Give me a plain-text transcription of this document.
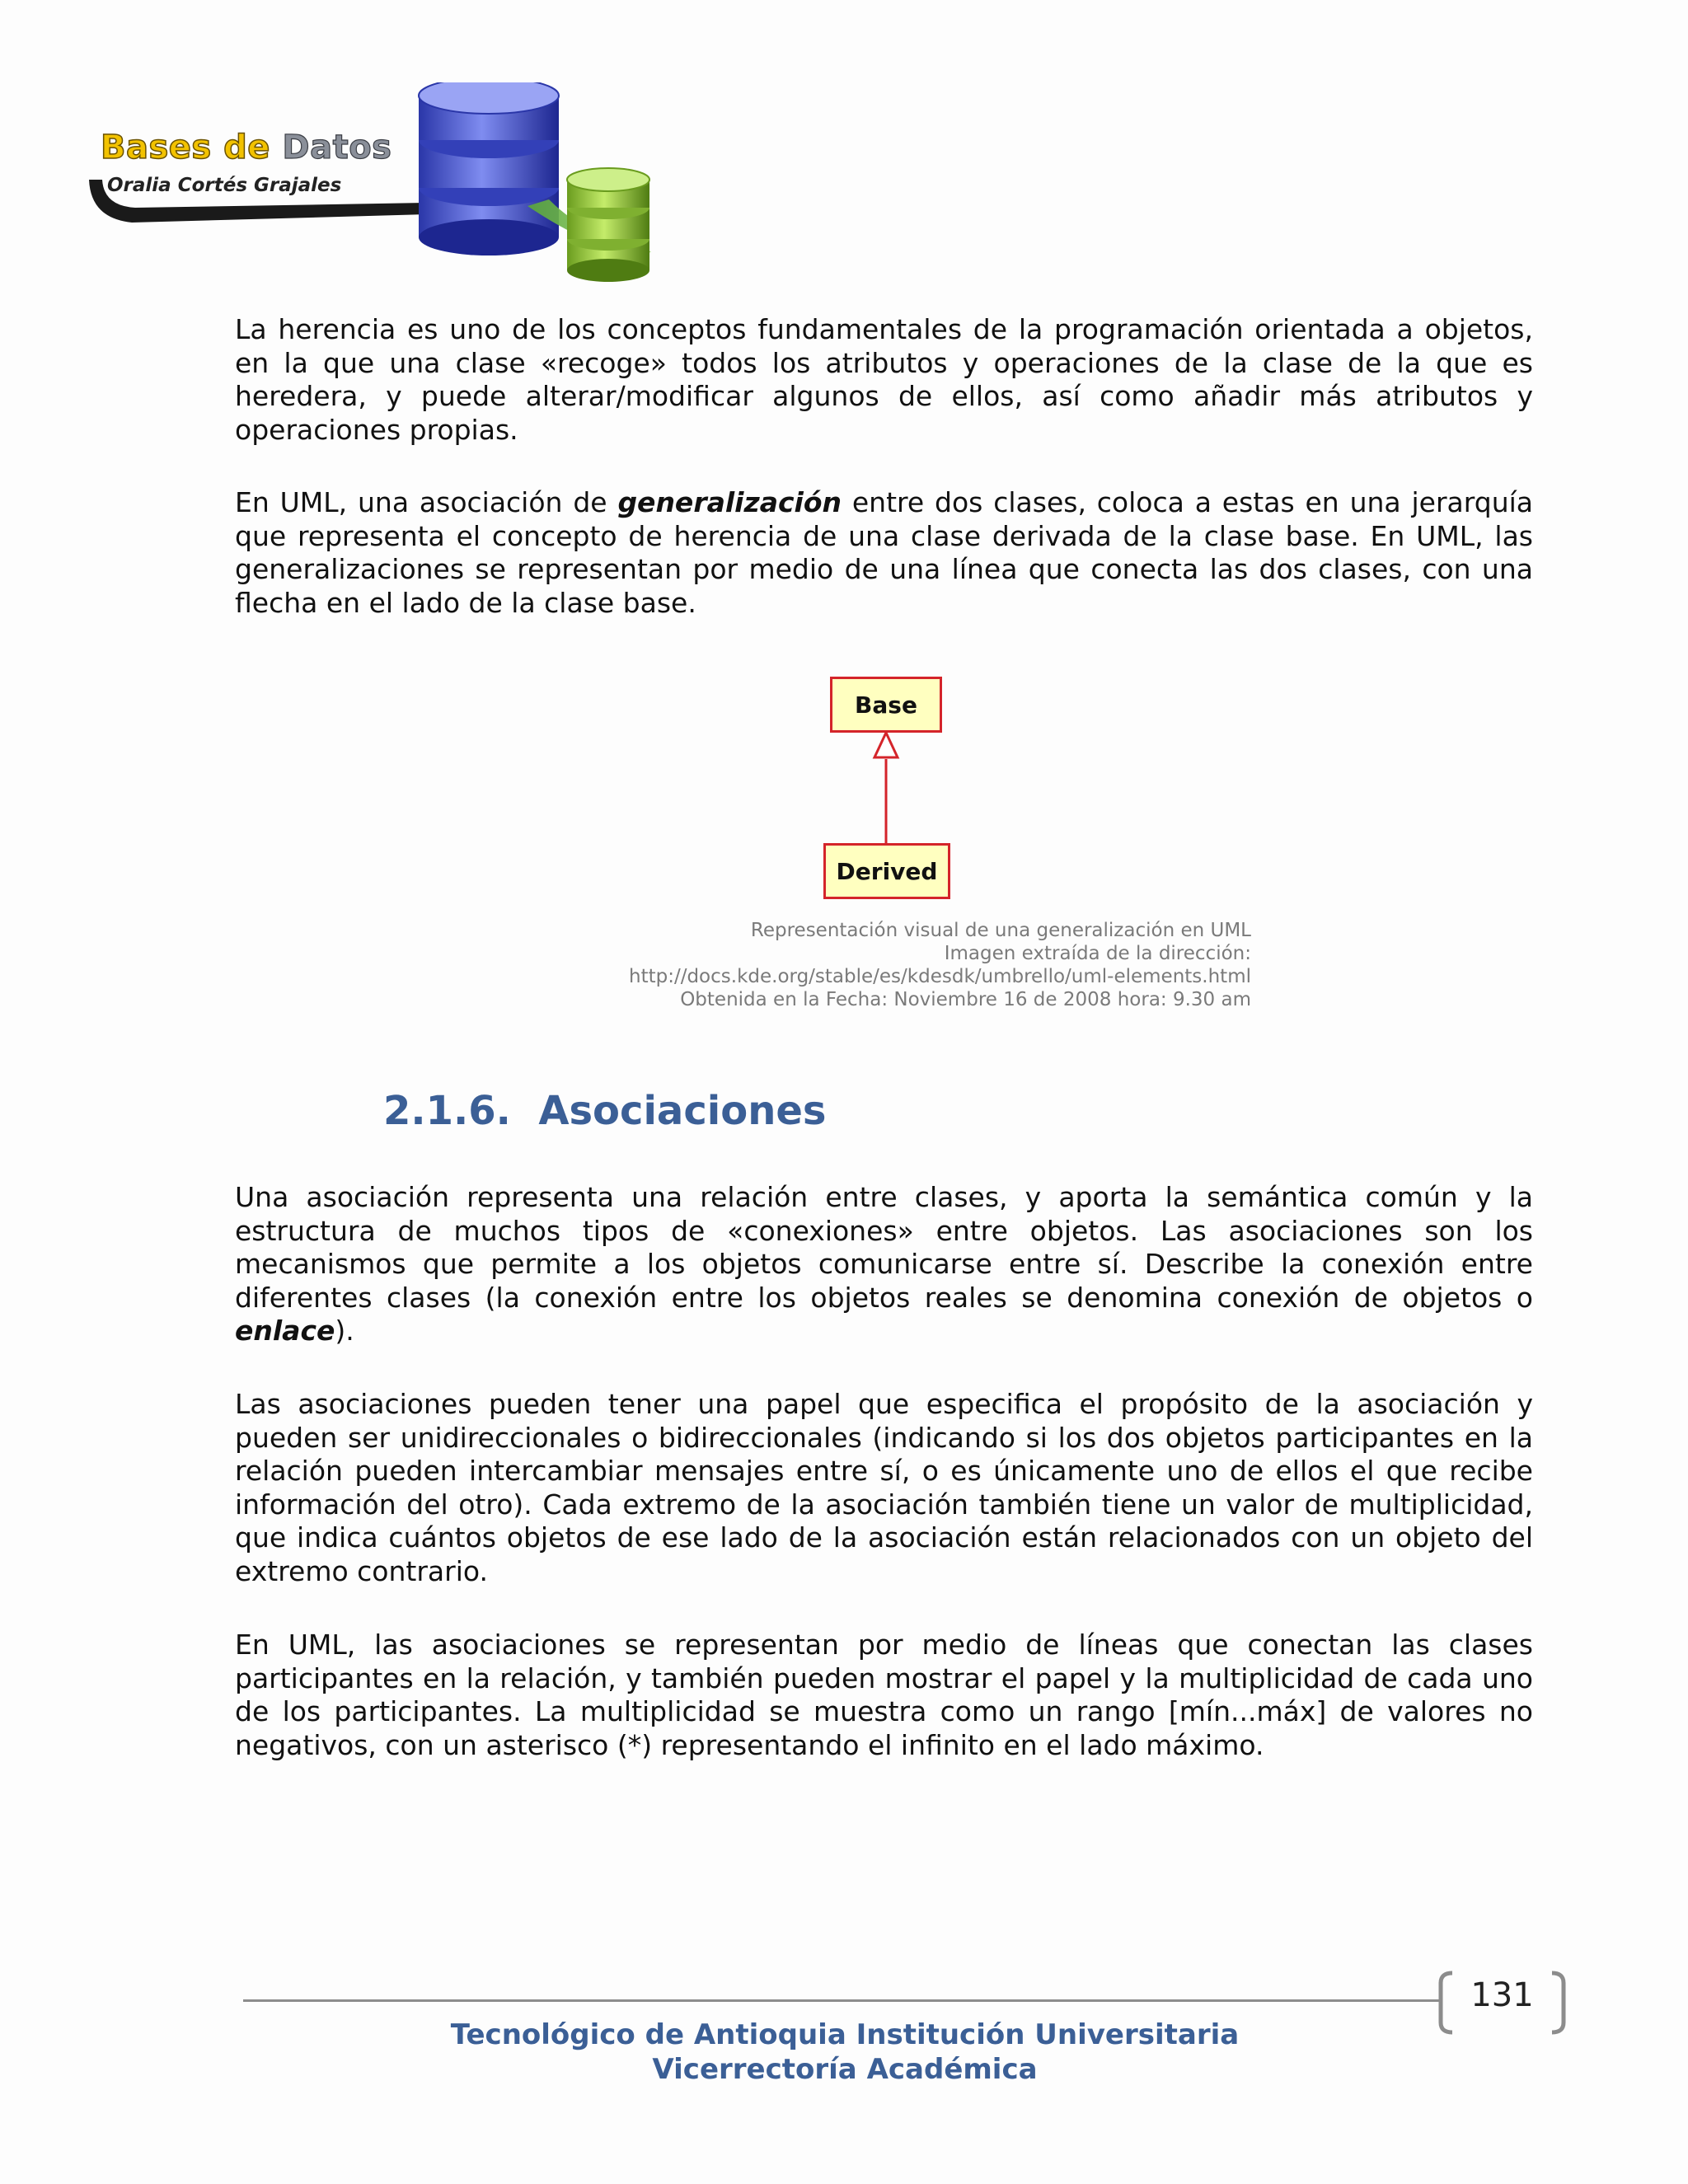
Bases de Datos
Oralia Cortés Grajales

La herencia es uno de los conceptos fundamentales de la programación orientada a objetos, en la que una clase «recoge» todos los atributos y operaciones de la clase de la que es heredera, y puede alterar/modificar algunos de ellos, así como añadir más atributos y operaciones propias.

En UML, una asociación de generalización entre dos clases, coloca a estas en una jerarquía que representa el concepto de herencia de una clase derivada de la clase base. En UML, las generalizaciones se representan por medio de una línea que conecta las dos clases, con una flecha en el lado de la clase base.

Base
Derived
Representación visual de una generalización en UML
Imagen extraída de la dirección:
http://docs.kde.org/stable/es/kdesdk/umbrello/uml-elements.html
Obtenida en la Fecha: Noviembre 16 de 2008 hora: 9.30 am
2.1.6. Asociaciones

Una asociación representa una relación entre clases, y aporta la semántica común y la estructura de muchos tipos de «conexiones» entre objetos. Las asociaciones son los mecanismos que permite a los objetos comunicarse entre sí. Describe la conexión entre diferentes clases (la conexión entre los objetos reales se denomina conexión de objetos o enlace).

Las asociaciones pueden tener una papel que especifica el propósito de la asociación y pueden ser unidireccionales o bidireccionales (indicando si los dos objetos participantes en la relación pueden intercambiar mensajes entre sí, o es únicamente uno de ellos el que recibe información del otro). Cada extremo de la asociación también tiene un valor de multiplicidad, que indica cuántos objetos de ese lado de la asociación están relacionados con un objeto del extremo contrario.

En UML, las asociaciones se representan por medio de líneas que conectan las clases participantes en la relación, y también pueden mostrar el papel y la multiplicidad de cada uno de los participantes. La multiplicidad se muestra como un rango [mín...máx] de valores no negativos, con un asterisco (*) representando el infinito en el lado máximo.

131
Tecnológico de Antioquia Institución Universitaria
Vicerrectoría Académica
